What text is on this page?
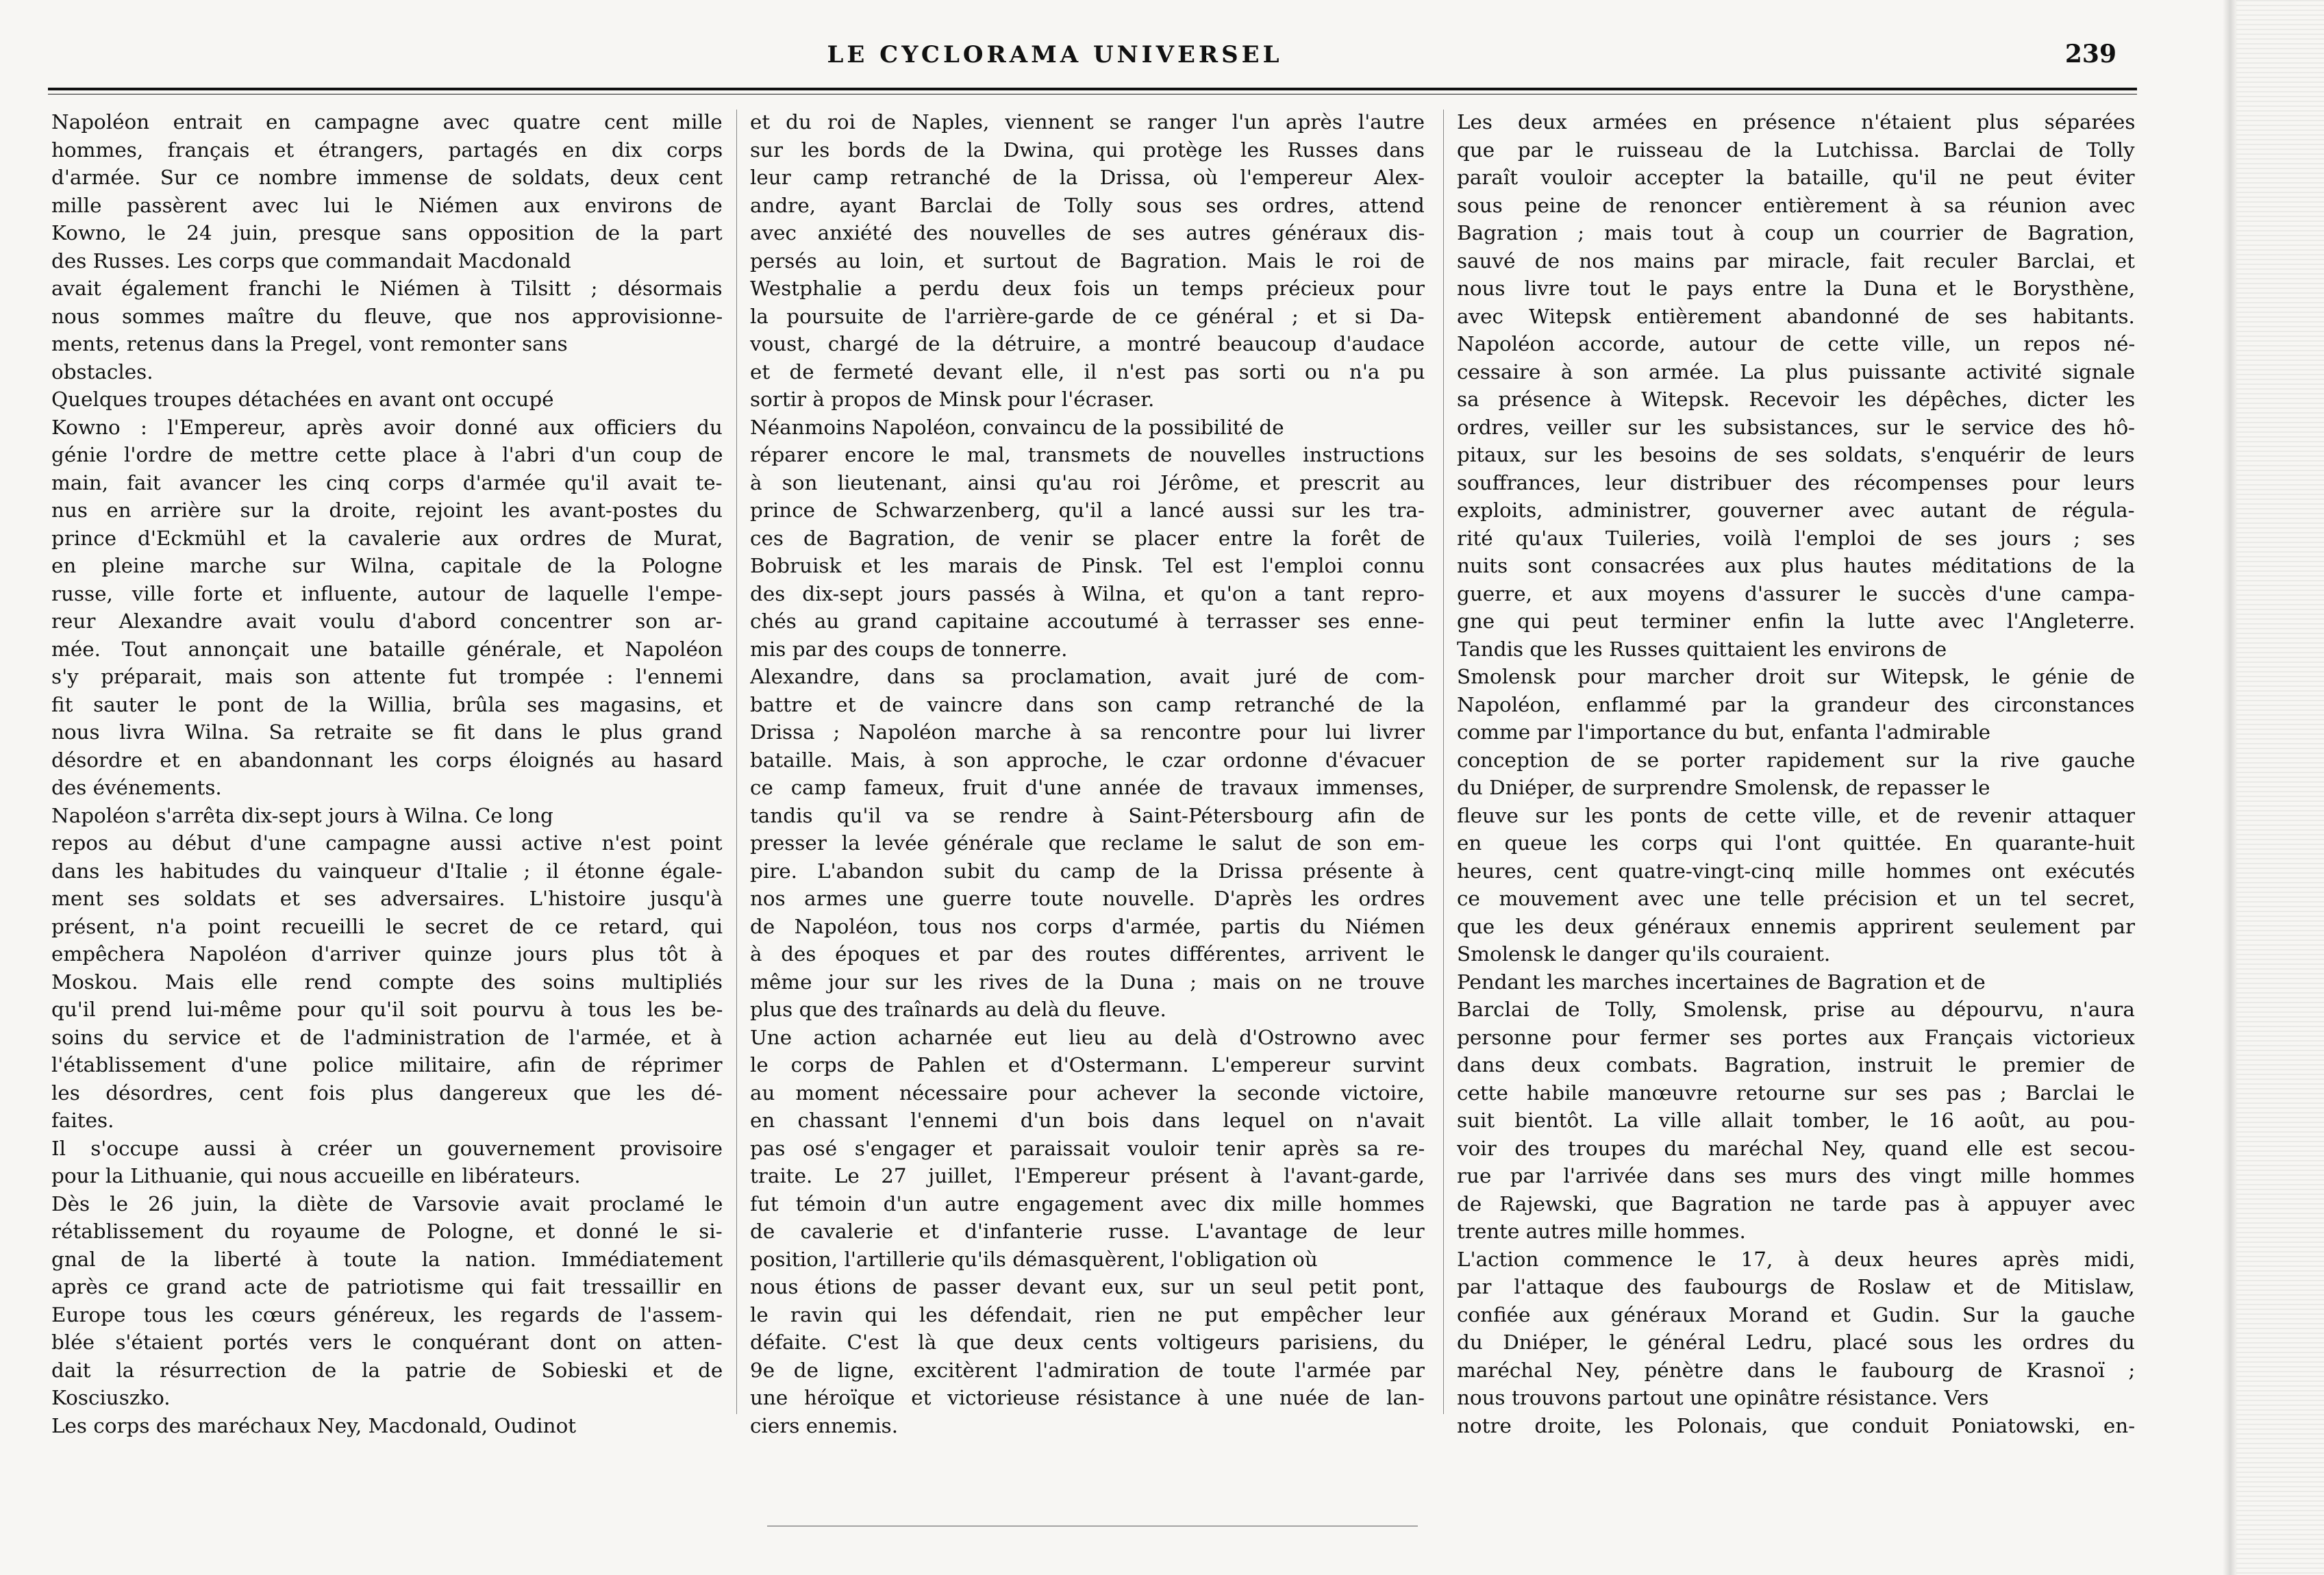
LE CYCLORAMA UNIVERSEL	239
Napoléon entrait en campagne avec quatre cent mille
hommes, français et étrangers, partagés en dix corps
d'armée. Sur ce nombre immense de soldats, deux cent
mille passèrent avec lui le Niémen aux environs de
Kowno, le 24 juin, presque sans opposition de la part
des Russes. Les corps que commandait Macdonald
avait également franchi le Niémen à Tilsitt ; désormais
nous sommes maître du fleuve, que nos approvisionne-
ments, retenus dans la Pregel, vont remonter sans
obstacles.
Quelques troupes détachées en avant ont occupé
Kowno : l'Empereur, après avoir donné aux officiers du
génie l'ordre de mettre cette place à l'abri d'un coup de
main, fait avancer les cinq corps d'armée qu'il avait te-
nus en arrière sur la droite, rejoint les avant-postes du
prince d'Eckmühl et la cavalerie aux ordres de Murat,
en pleine marche sur Wilna, capitale de la Pologne
russe, ville forte et influente, autour de laquelle l'empe-
reur Alexandre avait voulu d'abord concentrer son ar-
mée. Tout annonçait une bataille générale, et Napoléon
s'y préparait, mais son attente fut trompée : l'ennemi
fit sauter le pont de la Willia, brûla ses magasins, et
nous livra Wilna. Sa retraite se fit dans le plus grand
désordre et en abandonnant les corps éloignés au hasard
des événements.
Napoléon s'arrêta dix-sept jours à Wilna. Ce long
repos au début d'une campagne aussi active n'est point
dans les habitudes du vainqueur d'Italie ; il étonne égale-
ment ses soldats et ses adversaires. L'histoire jusqu'à
présent, n'a point recueilli le secret de ce retard, qui
empêchera Napoléon d'arriver quinze jours plus tôt à
Moskou. Mais elle rend compte des soins multipliés
qu'il prend lui-même pour qu'il soit pourvu à tous les be-
soins du service et de l'administration de l'armée, et à
l'établissement d'une police militaire, afin de réprimer
les désordres, cent fois plus dangereux que les dé-
faites.
Il s'occupe aussi à créer un gouvernement provisoire
pour la Lithuanie, qui nous accueille en libérateurs.
Dès le 26 juin, la diète de Varsovie avait proclamé le
rétablissement du royaume de Pologne, et donné le si-
gnal de la liberté à toute la nation. Immédiatement
après ce grand acte de patriotisme qui fait tressaillir en
Europe tous les cœurs généreux, les regards de l'assem-
blée s'étaient portés vers le conquérant dont on atten-
dait la résurrection de la patrie de Sobieski et de
Kosciuszko.
Les corps des maréchaux Ney, Macdonald, Oudinot
et du roi de Naples, viennent se ranger l'un après l'autre
sur les bords de la Dwina, qui protège les Russes dans
leur camp retranché de la Drissa, où l'empereur Alex-
andre, ayant Barclai de Tolly sous ses ordres, attend
avec anxiété des nouvelles de ses autres généraux dis-
persés au loin, et surtout de Bagration. Mais le roi de
Westphalie a perdu deux fois un temps précieux pour
la poursuite de l'arrière-garde de ce général ; et si Da-
voust, chargé de la détruire, a montré beaucoup d'audace
et de fermeté devant elle, il n'est pas sorti ou n'a pu
sortir à propos de Minsk pour l'écraser.
Néanmoins Napoléon, convaincu de la possibilité de
réparer encore le mal, transmets de nouvelles instructions
à son lieutenant, ainsi qu'au roi Jérôme, et prescrit au
prince de Schwarzenberg, qu'il a lancé aussi sur les tra-
ces de Bagration, de venir se placer entre la forêt de
Bobruisk et les marais de Pinsk. Tel est l'emploi connu
des dix-sept jours passés à Wilna, et qu'on a tant repro-
chés au grand capitaine accoutumé à terrasser ses enne-
mis par des coups de tonnerre.
Alexandre, dans sa proclamation, avait juré de com-
battre et de vaincre dans son camp retranché de la
Drissa ; Napoléon marche à sa rencontre pour lui livrer
bataille. Mais, à son approche, le czar ordonne d'évacuer
ce camp fameux, fruit d'une année de travaux immenses,
tandis qu'il va se rendre à Saint-Pétersbourg afin de
presser la levée générale que reclame le salut de son em-
pire. L'abandon subit du camp de la Drissa présente à
nos armes une guerre toute nouvelle. D'après les ordres
de Napoléon, tous nos corps d'armée, partis du Niémen
à des époques et par des routes différentes, arrivent le
même jour sur les rives de la Duna ; mais on ne trouve
plus que des traînards au delà du fleuve.
Une action acharnée eut lieu au delà d'Ostrowno avec
le corps de Pahlen et d'Ostermann. L'empereur survint
au moment nécessaire pour achever la seconde victoire,
en chassant l'ennemi d'un bois dans lequel on n'avait
pas osé s'engager et paraissait vouloir tenir après sa re-
traite. Le 27 juillet, l'Empereur présent à l'avant-garde,
fut témoin d'un autre engagement avec dix mille hommes
de cavalerie et d'infanterie russe. L'avantage de leur
position, l'artillerie qu'ils démasquèrent, l'obligation où
nous étions de passer devant eux, sur un seul petit pont,
le ravin qui les défendait, rien ne put empêcher leur
défaite. C'est là que deux cents voltigeurs parisiens, du
9e de ligne, excitèrent l'admiration de toute l'armée par
une héroïque et victorieuse résistance à une nuée de lan-
ciers ennemis.
Les deux armées en présence n'étaient plus séparées
que par le ruisseau de la Lutchissa. Barclai de Tolly
paraît vouloir accepter la bataille, qu'il ne peut éviter
sous peine de renoncer entièrement à sa réunion avec
Bagration ; mais tout à coup un courrier de Bagration,
sauvé de nos mains par miracle, fait reculer Barclai, et
nous livre tout le pays entre la Duna et le Borysthène,
avec Witepsk entièrement abandonné de ses habitants.
Napoléon accorde, autour de cette ville, un repos né-
cessaire à son armée. La plus puissante activité signale
sa présence à Witepsk. Recevoir les dépêches, dicter les
ordres, veiller sur les subsistances, sur le service des hô-
pitaux, sur les besoins de ses soldats, s'enquérir de leurs
souffrances, leur distribuer des récompenses pour leurs
exploits, administrer, gouverner avec autant de régula-
rité qu'aux Tuileries, voilà l'emploi de ses jours ; ses
nuits sont consacrées aux plus hautes méditations de la
guerre, et aux moyens d'assurer le succès d'une campa-
gne qui peut terminer enfin la lutte avec l'Angleterre.
Tandis que les Russes quittaient les environs de
Smolensk pour marcher droit sur Witepsk, le génie de
Napoléon, enflammé par la grandeur des circonstances
comme par l'importance du but, enfanta l'admirable
conception de se porter rapidement sur la rive gauche
du Dniéper, de surprendre Smolensk, de repasser le
fleuve sur les ponts de cette ville, et de revenir attaquer
en queue les corps qui l'ont quittée. En quarante-huit
heures, cent quatre-vingt-cinq mille hommes ont exécutés
ce mouvement avec une telle précision et un tel secret,
que les deux généraux ennemis apprirent seulement par
Smolensk le danger qu'ils couraient.
Pendant les marches incertaines de Bagration et de
Barclai de Tolly, Smolensk, prise au dépourvu, n'aura
personne pour fermer ses portes aux Français victorieux
dans deux combats. Bagration, instruit le premier de
cette habile manœuvre retourne sur ses pas ; Barclai le
suit bientôt. La ville allait tomber, le 16 août, au pou-
voir des troupes du maréchal Ney, quand elle est secou-
rue par l'arrivée dans ses murs des vingt mille hommes
de Rajewski, que Bagration ne tarde pas à appuyer avec
trente autres mille hommes.
L'action commence le 17, à deux heures après midi,
par l'attaque des faubourgs de Roslaw et de Mitislaw,
confiée aux généraux Morand et Gudin. Sur la gauche
du Dniéper, le général Ledru, placé sous les ordres du
maréchal Ney, pénètre dans le faubourg de Krasnoï ;
nous trouvons partout une opinâtre résistance. Vers
notre droite, les Polonais, que conduit Poniatowski, en-
